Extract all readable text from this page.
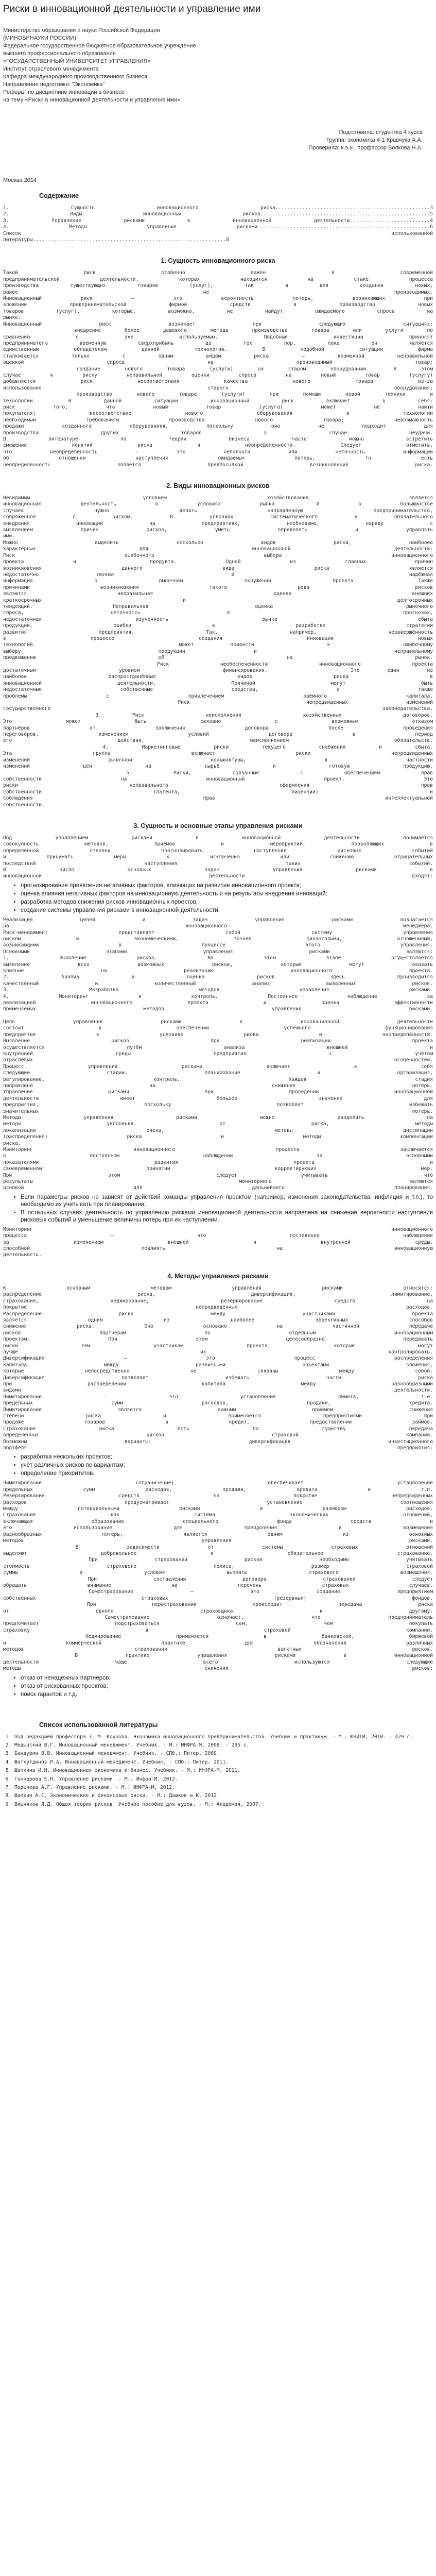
Риски в инновационной деятельности и управление ими
Министерство образования и науки Российской Федерации
(МИНОБРНАУКИ РОССИИ)
Федеральное государственное бюджетное образовательное учреждение
высшего профессионального образования
«ГОСУДАРСТВЕННЫЙ УНИВЕРСИТЕТ УПРАВЛЕНИЯ»
Институт отраслевого менеджмента
Кафедра международного производственного бизнеса
Направление подготовки: "Экономика"
Реферат по дисциплине инновации в бизнесе
на тему «Риски в инновационной деятельности и управление ими»
Подготовила: студентка 4 курса
Группа: экономика 4-1 Кравчука А.А.
Проверила: к.э.н., профессор Волкова Н.А.
Москва 2014
Содержание
1. Сущность инновационного риска....................................................3
2. Виды инновационных рисков.........................................................5
3. Управление рисками в инновационной деятельности...........................4
4. Методы управления рисками..........................................................6
Список                                                                        использованной
литературы.................................................................8
1. Сущность инновационного риска
Такой       риск       особенно       важен       в       современной
предпринимательской деятельности, которая находится на стыке процесса
производства существующих товаров (услуг), так и для создания новых,
ранее не производимых.
Инновационный риск — это вероятность потерь, возникающих при
вложении предпринимательской фирмой средств в производство новых
товаров (услуг), которые, возможно, не найдут ожидаемого спроса на
рынке.
Инновационный риск возникает при следующих ситуациях:
внедрение более дешевого метода производства товара или услуги по
сравнению с уже используемым. Подобные инвестиции приносят
предпринимателю временную сверхприбыль до тех пор, пока он является
единственным обладателем данной технологии. В подобной ситуации фирма
сталкивается только с одним видом риска — возможной неправильной
оценкой спроса на производимый товар;
создание нового товара (услуги) на старом оборудовании. В этом
случае к риску неправильной оценки спроса на новый товар (услугу)
добавляется риск несоответствия качества нового товара из-за
использования старого оборудования;
производство нового товара (услуги) при помощи новой техники и
технологии. В данной ситуации инновационный риск включает в себя:
риск того, что новый товар (услуга) может не найти
покупателя; несоответствие нового оборудования и технологии
необходимым требованиям производства нового товара; невозможность
продажи созданного оборудования, поскольку оно не подходит для
производства других товаров в случае неудачи.
В литературе по теории бизнеса часто можно встретить
смешение понятий риска и неопределенности. Следует отметить,
что неопределенность — это неполнота или неточность информации
об отношении наступления ожидаемых потерь, то есть
неопределенность является предпосылкой возникновения риска.
2. Виды инновационных рисков
Невидимым         условием        хозяйствования        является
инновационная деятельность в условиях рынка. И в большинстве
случаев нужно делать направленную предпринимательство,
сопряжённое с риском. В условиях систематического и обязательного
внедрения инноваций на предприятиях, необходимо, наряду с
выявлением причин рисков, уметь определять и управлять
ими.
Можно    выделить   несколько   видов   риска,   наиболее
характерных для инновационной деятельности:
Риск        ошибочного        выбора        инновационного
проекта  и   продукта.  Одной  из  главных  причин
возникновения    данного    вида    риска    является
недостаточно  полная    и      надёжная
информация  о  рыночном  окружении  проекта.  Также
причинами  возникновения  такого  рода   рисков
являются   неправильная    оценка    внешних
краткосрочных    и      долгосрочных
тенденций.   Неправильная    оценка     рыночного
спроса,  неточность  в    прогнозах,
недостаточная  изученность  рынка   сбыта
продукции, ошибки в разработке стратегии
развития предприятия. Так, например, незавершённость
в процессе создания инновации новых
технологий    может привести  к  ошибочному
выбору  продукции и  неправильному
продвижению её на рынок.
Риск необеспеченности инновационного проекта
достаточным   уровнем   финансирования.   Это один из
наиболее распространённых видов риска в
инновационной деятельности. Причиной могут быть
недостаточные собственные средства, а также
проблемы с привлечением заёмного капитала.
Риск  непредвиденных изменений
государственного законодательства.
3. Риск  неисполнения  хозяйственных  договоров.
Это  может  быть  связано  с  возможным  отказом
партнёров от заключения договора после проведения
переговоров, изменением условий договора в период
его действия, неисполнением обязательств.
4. Маркетинговые риски текущего снабжения и сбыта.
Эта  группа  включает  риски  непредвиденных
изменений рыночной конъюнктуры, в частности
изменений цен на сырьё и готовую продукцию.
5. Риски, связанные с обеспечением прав
собственности на инновационный проект. Это
риски неправильного оформления прав
собственности (патента, лицензии) и
соблюдения прав интеллектуальной
собственности.
3. Сущность и основные этапы управления рисками
Под управлением рисками в инновационной деятельности понимается
совокупность методов, приёмов и мероприятий, позволяющих в
определённой степени прогнозировать наступление рисковых событий
и принимать меры к исключению или снижению отрицательных
последствий наступления таких событий.
В    число    основных    задач    управления    рисками    в
инновационной деятельности входят:
• прогнозирование проявления негативных факторов, влияющих на развитие инновационного проекта;
• оценка влияния негативных факторов на инновационную деятельность и на результаты внедрения инноваций;
• разработка методов снижения рисков инновационных проектов;
• создание системы управления рисками в инновационной деятельности.
Реализация целей и задач управления рисками возлагается
на инновационного менеджера.
Риск-менеджмент представляет собой систему управления
риском и экономическими, точнее финансовыми, отношениями,
возникающими в процессе этого управления.
Основными этапами управления рисками являются:
1. Выявление рисков. На этом этапе осуществляется
выявление всех возможных рисков, которые могут оказать
влияние на реализацию инновационного проекта.
2. Анализ и оценка рисков. Здесь производится
качественный и количественный анализ выявленных рисков.
3. Разработка методов управления рисками.
4. Мониторинг и контроль. Постоянное наблюдение за
реализацией инновационного проекта и оценка эффективности
применяемых методов управления рисками.
Цель  управления  рисками  в  инновационной  деятельности
состоит в обеспечении успешного функционирования
предприятия в условиях риска и неопределённости.
Выявление рисков при реализации проекта
осуществляется  путём  анализа  внешней  и
внутренней среды предприятия с учётом
отраслевых особенностей.
Процесс управления рисками включает в себя
следующие стадии: планирование и организация,
регулирование, контроль. Каждая стадия
направлена на снижение потерь.
Управление рисками при проведении инновационной
деятельности  имеет  большое  значение  для
предприятия,  поскольку  позволяет  избежать
значительных  потерь.
Методы управления рисками можно разделить на
методы  уклонения  от  риска,  методы
локализации  риска,  методы  диссипации
(распределения)  риска  и  методы  компенсации
риска.
Мониторинг  инновационного  процесса  заключается
в  постоянном  наблюдении  за  основными
показателями  развития  проекта  и
своевременном  принятии  корректирующих  мер.
При   этом   следует  учитывать   что
результаты   мониторинга  являются
основой  для  дальнейшего  планирования.
• Если параметры рисков не зависят от действий команды управления проектом (например, изменения законодательства, инфляция и т.п.), то необходимо их учитывать при планировании;
• В остальных случаях деятельность по управлению рисками инновационной деятельности направлена на снижение вероятности наступления рисковых событий и уменьшение величины потерь при их наступлении.
Мониторинг   инновационного
процесса  —  это  постоянное  наблюдение
за  изменением  внешней  и  внутренней  среды,
способной  повлиять  на  инновационную
деятельность.
4. Методы управления рисками
К   основным   методам   управления   рисками   относятся:
распределение  риска,  диверсификация,  лимитирование,
страхование, хеджирование, резервирование средств на
покрытие непредвиденных расходов.
Распределение  риска  между  участниками  проекта
является  одним  из  наиболее  эффективных  способов
снижения  риска.  Оно  основано  на  частичной  передаче
рисков  партнёрам  по  отдельным  инновационным
проектам.  При  этом  целесообразно  передавать
риски  тем  участникам  проекта,  которые  могут
лучше  их  контролировать.
Диверсификация  —  это  процесс  распределения
капитала  между  различными  объектами  вложения,
которые  непосредственно  не  связаны  между  собой.
Диверсификация  позволяет  избежать  части  риска
при  распределении  капитала  между  разнообразными
видами  деятельности.
Лимитирование  —  это  установление  лимита,  т.е.
предельных  сумм  расходов,  продажи,  кредита.
Лимитирование  является  важным  приёмом  снижения
степени  риска  и  применяется  предприятиями  при
продаже  товаров  в  кредит,  предоставлении  займов.
Страхование  риска  есть  по  существу  передача
определённых  рисков  страховой  компании.
Возможны  варианты:  диверсификация  инвестиционного
портфеля  предприятия:
• разработка нескольких проектов;
• учёт различных рисков по вариантам;
• определение приоритетов.
Лимитирование  (ограничение)  обеспечивает  установление
предельных  сумм  расходов,  продажи,  кредита  и  т.п.
Резервирование  средств  на  покрытие  непредвиденных
расходов  предусматривает  установление  соотношения
между  потенциальными  рисками  и  размером  расходов.
Страхование  как  система  экономических  отношений,
включающая  образование  специального  фонда  средств  и
его  использование  для  преодоления  и  возмещения
разнообразных  потерь,  является  одним  из  основных
методов  управления  рисками.
В  зависимости  от  системы  страховых  отношений
выделяют  добровольное  и  обязательное  страхование.
При  страховании  рисков  необходимо  учитывать
стоимость  страхового  полиса,  размер  страховой
суммы  и  условия  выплаты  страхового  возмещения.
При  составлении  договора  страхования  следует
обращать  внимание  на  перечень  страховых  случаев.
Самострахование  —  это  создание  предприятием
собственных  страховых  (резервных)  фондов.
При  перестраховании  происходит  передача  риска
от  одного  страховщика  к  другому.
Самострахование  означает,  что  предприниматель
предпочитает  подстраховаться  сам,  чем  покупать
страховку  в  страховой  компании.
Хеджирование  применяется  в  банковской,  биржевой
и  коммерческой  практике  для  обозначения  различных
методов  страхования  валютных  рисков.
В  практике  управления  рисками  в  инновационной
деятельности  чаще  всего  используются  следующие
методы  снижения  рисков:
• отказ от ненадёжных партнеров;
• отказ от рискованных проектов;
• поиск гарантов и т.д.
Список использованной литературы
1. Под редакцией профессора З. М. Кохнова. Экономика инновационного предпринимательства. Учебник и практикум. - М.: ЮНИТИ, 2010. - 429 с.
2. Медынский В.Г. Инновационный менеджмент. Учебник. - М.: ИНФРА-М, 2008. - 295 с.
3. Бандурин В.В. Инновационный менеджмент. Учебник. - СПб.: Питер, 2009.
4. Фатхутдинов Р.А. Инновационный менеджмент. Учебник. - СПб.: Питер, 2011.
5. Шапкина И.Н. Инновационная экономика и бизнес. Учебник. - М.: ИНФРА-М, 2011.
6. Гончарова Е.Н. Управление рисками. - М.: Инфра-М, 2012.
7. Поршнева А.Г. Управление рисками. - М.: ИНФРА-М, 2012.
8. Шапкин А.С. Экономические и финансовые риски. - М.: Дашков и К, 2012.
9. Вишняков Я.Д. Общая теория рисков. Учебное пособие для вузов. - М.: Академия, 2007.
